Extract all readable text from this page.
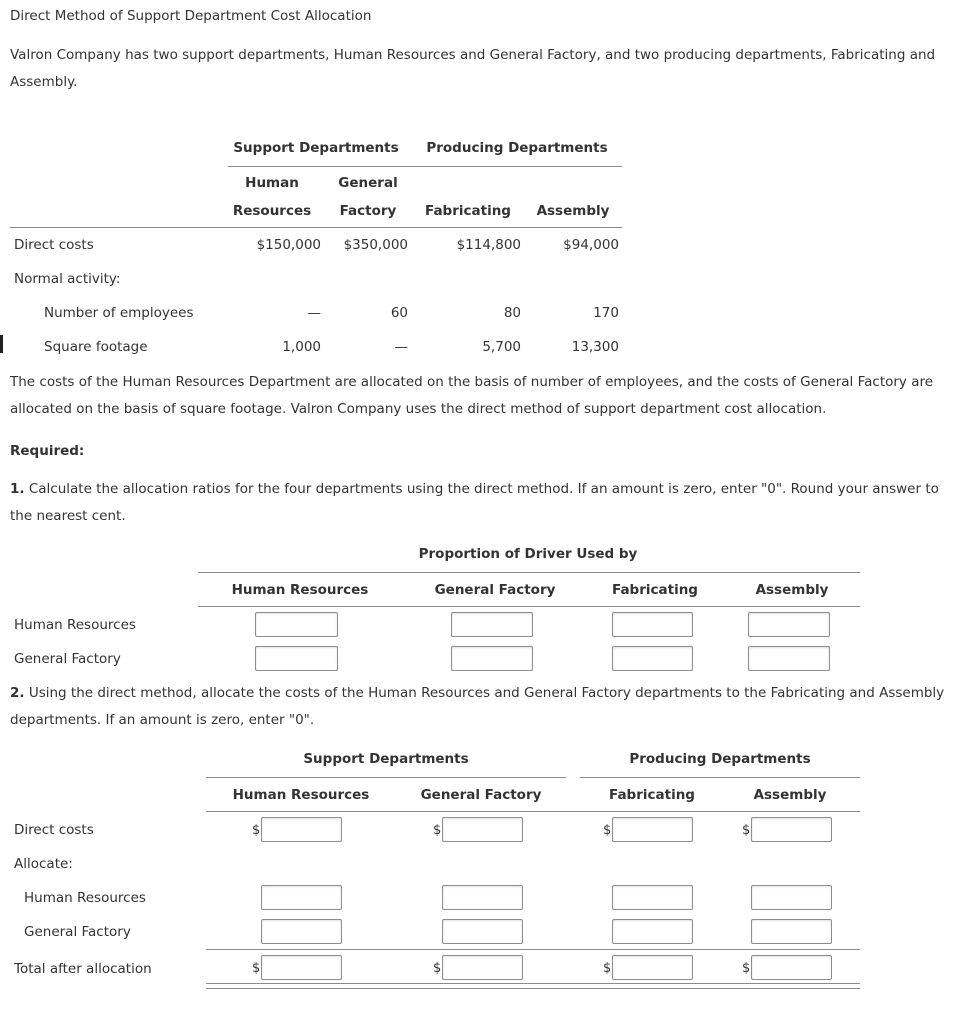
Direct Method of Support Department Cost Allocation
Valron Company has two support departments, Human Resources and General Factory, and two producing departments, Fabricating and Assembly.
Support Departments	Producing Departments
Human	General
Resources	Factory	Fabricating	Assembly
Direct costs	$150,000	$350,000	$114,800	$94,000
Normal activity:
Number of employees	—	60	80	170
Square footage	1,000	—	5,700	13,300
The costs of the Human Resources Department are allocated on the basis of number of employees, and the costs of General Factory are allocated on the basis of square footage. Valron Company uses the direct method of support department cost allocation.
Required:
1. Calculate the allocation ratios for the four departments using the direct method. If an amount is zero, enter "0". Round your answer to the nearest cent.
Proportion of Driver Used by
Human Resources	General Factory	Fabricating	Assembly
Human Resources
General Factory
2. Using the direct method, allocate the costs of the Human Resources and General Factory departments to the Fabricating and Assembly departments. If an amount is zero, enter "0".
Support Departments	Producing Departments
Human Resources	General Factory	Fabricating	Assembly
Direct costs	$	$	$	$
Allocate:
Human Resources
General Factory
Total after allocation	$	$	$	$
